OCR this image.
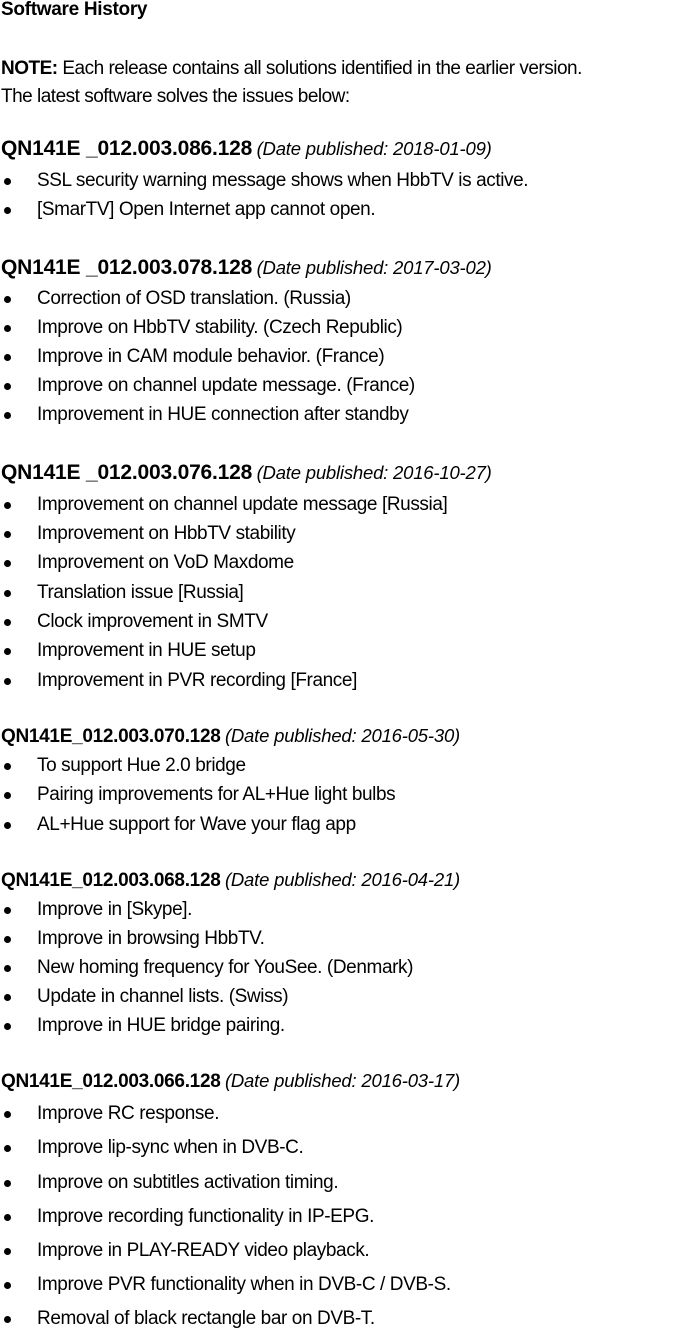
Software History
NOTE: Each release contains all solutions identified in the earlier version.
The latest software solves the issues below:
QN141E _012.003.086.128 (Date published: 2018-01-09)
SSL security warning message shows when HbbTV is active.
[SmarTV] Open Internet app cannot open.
QN141E _012.003.078.128 (Date published: 2017-03-02)
Correction of OSD translation. (Russia)
Improve on HbbTV stability. (Czech Republic)
Improve in CAM module behavior. (France)
Improve on channel update message. (France)
Improvement in HUE connection after standby
QN141E _012.003.076.128 (Date published: 2016-10-27)
Improvement on channel update message [Russia]
Improvement on HbbTV stability
Improvement on VoD Maxdome
Translation issue [Russia]
Clock improvement in SMTV
Improvement in HUE setup
Improvement in PVR recording [France]
QN141E_012.003.070.128 (Date published: 2016-05-30)
To support Hue 2.0 bridge
Pairing improvements for AL+Hue light bulbs
AL+Hue support for Wave your flag app
QN141E_012.003.068.128 (Date published: 2016-04-21)
Improve in [Skype].
Improve in browsing HbbTV.
New homing frequency for YouSee. (Denmark)
Update in channel lists. (Swiss)
Improve in HUE bridge pairing.
QN141E_012.003.066.128 (Date published: 2016-03-17)
Improve RC response.
Improve lip-sync when in DVB-C.
Improve on subtitles activation timing.
Improve recording functionality in IP-EPG.
Improve in PLAY-READY video playback.
Improve PVR functionality when in DVB-C / DVB-S.
Removal of black rectangle bar on DVB-T.
